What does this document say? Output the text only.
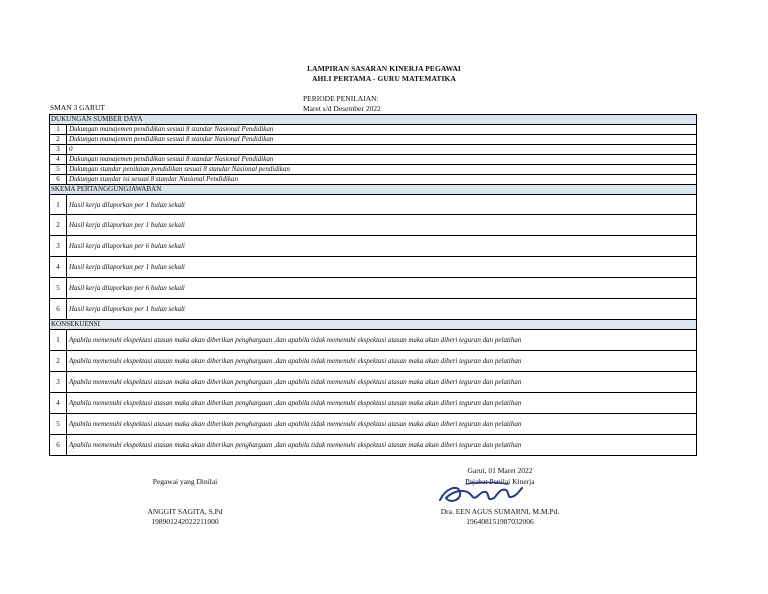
LAMPIRAN SASARAN KINERJA PEGAWAI
AHLI PERTAMA - GURU MATEMATIKA
PERIODE PENILAIAN:
Maret s/d Desember 2022
SMAN 3 GARUT
DUKUNGAN SUMBER DAYA	
1	Dukungan manajemen pendidikan sesuai 8 standar Nasional Pendidikan
2	Dukungan manajemen pendidikan sesuai 8 standar Nasional Pendidikan
3	0
4	Dukungan manajemen pendidikan sesuai 8 standar Nasional Pendidikan
5	Dukungan standar penilaian pendidikan sesuai 8 standar Nasional pendidikan
6	Dukungan standar isi sesuai 8 standar Nasional Pendidikan
SKEMA PERTANGGUNGJAWABAN	
1	Hasil kerja dilaporkan per 1 bulan sekali
2	Hasil kerja dilaporkan per 1 bulan sekali
3	Hasil kerja dilaporkan per 6 bulan sekali
4	Hasil kerja dilaporkan per 1 bulan sekali
5	Hasil kerja dilaporkan per 6 bulan sekali
6	Hasil kerja dilaporkan per 1 bulan sekali
KONSEKUENSI	
1	Apabila memenuhi ekspektasi atasan maka akan diberikan penghargaan ,dan apabila tidak memenuhi ekspektasi atasan maka akan diberi teguran dan pelatihan
2	Apabila memenuhi ekspektasi atasan maka akan diberikan penghargaan ,dan apabila tidak memenuhi ekspektasi atasan maka akan diberi teguran dan pelatihan
3	Apabila memenuhi ekspektasi atasan maka akan diberikan penghargaan ,dan apabila tidak memenuhi ekspektasi atasan maka akan diberi teguran dan pelatihan
4	Apabila memenuhi ekspektasi atasan maka akan diberikan penghargaan ,dan apabila tidak memenuhi ekspektasi atasan maka akan diberi teguran dan pelatihan
5	Apabila memenuhi ekspektasi atasan maka akan diberikan penghargaan ,dan apabila tidak memenuhi ekspektasi atasan maka akan diberi teguran dan pelatihan
6	Apabila memenuhi ekspektasi atasan maka akan diberikan penghargaan ,dan apabila tidak memenuhi ekspektasi atasan maka akan diberi teguran dan pelatihan
Pegawai yang Dinilai
ANGGIT SAGITA, S.Pd
198901242022211000
Garut, 01 Maret 2022
Pejabat Penilai Kinerja
Dra. EEN AGUS SUMARNI, M.M.Pd.
196408151987032006
